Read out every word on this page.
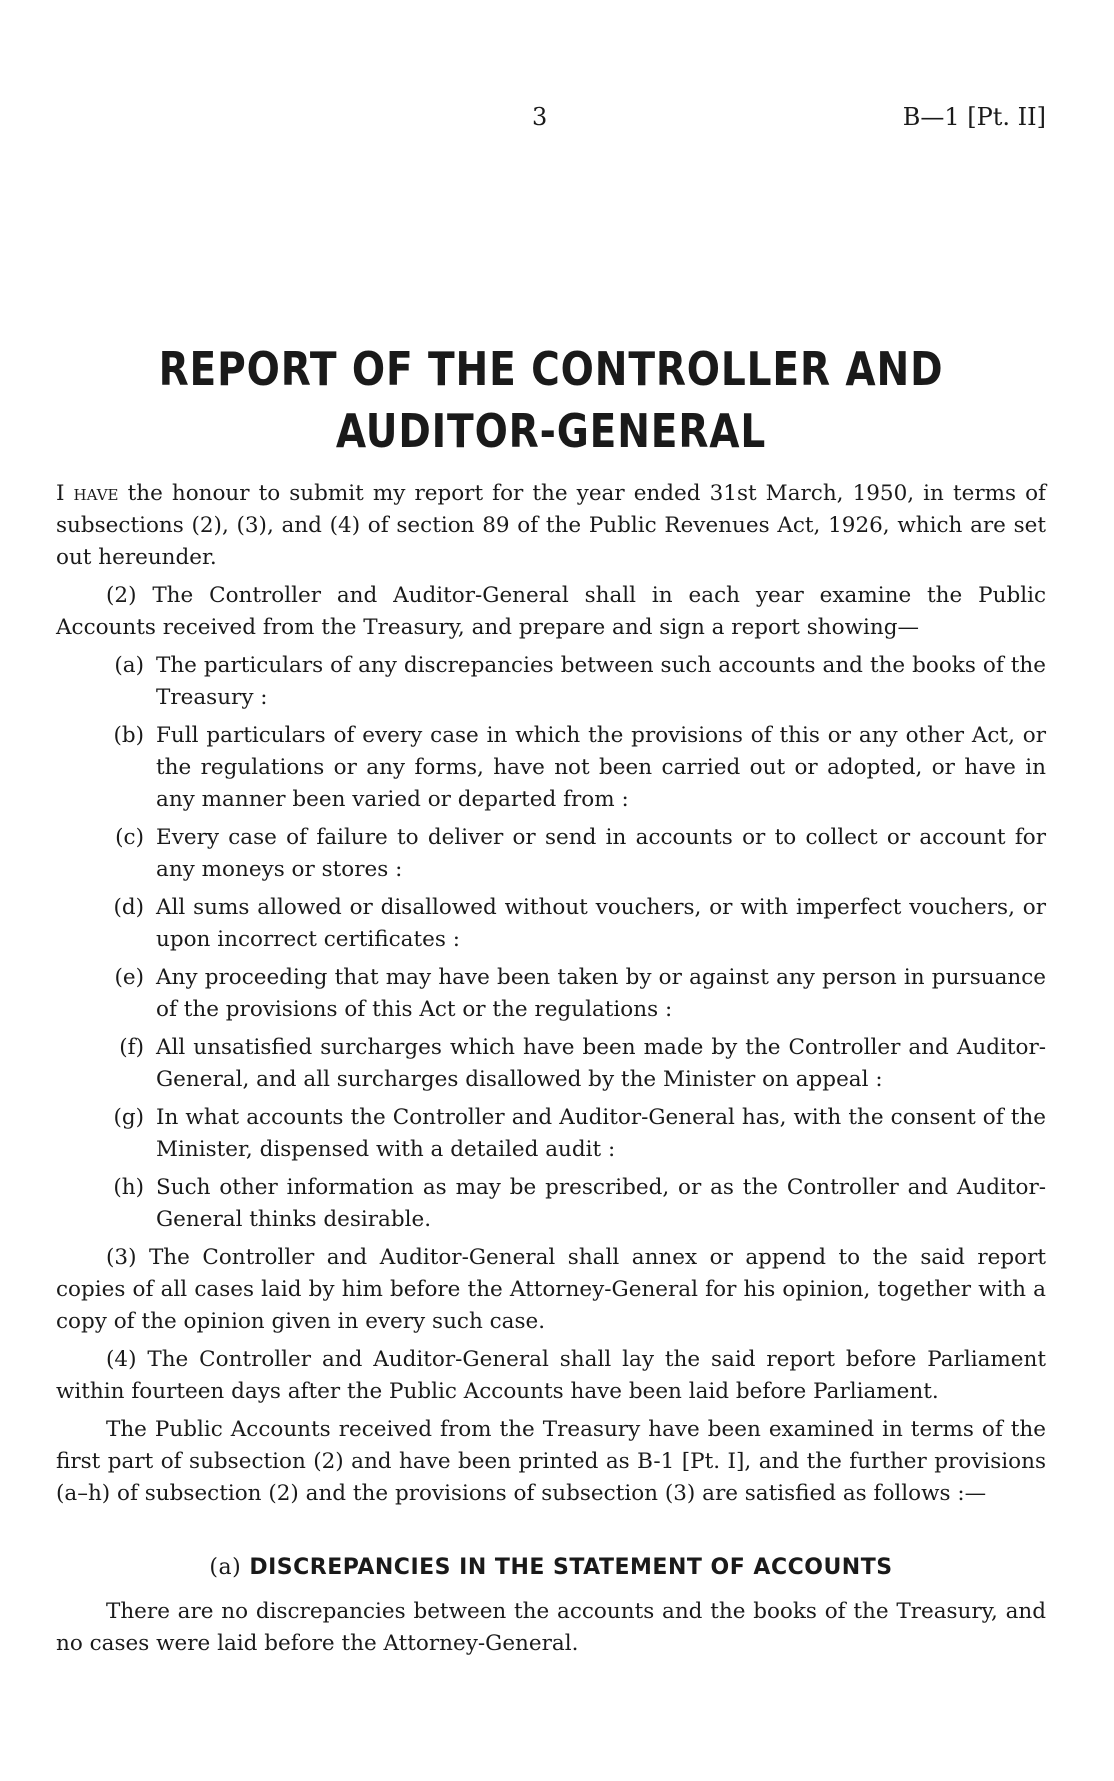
3	B—1 [Pt. II]
REPORT OF THE CONTROLLER AND
AUDITOR-GENERAL

I have the honour to submit my report for the year ended 31st March, 1950, in terms of subsections (2), (3), and (4) of section 89 of the Public Revenues Act, 1926, which are set out hereunder.

(2) The Controller and Auditor-General shall in each year examine the Public Accounts received from the Treasury, and prepare and sign a report showing—

(a) The particulars of any discrepancies between such accounts and the books of the Treasury :
(b) Full particulars of every case in which the provisions of this or any other Act, or the regulations or any forms, have not been carried out or adopted, or have in any manner been varied or departed from :
(c) Every case of failure to deliver or send in accounts or to collect or account for any moneys or stores :
(d) All sums allowed or disallowed without vouchers, or with imperfect vouchers, or upon incorrect certificates :
(e) Any proceeding that may have been taken by or against any person in pursuance of the provisions of this Act or the regulations :
(f) All unsatisfied surcharges which have been made by the Controller and Auditor-General, and all surcharges disallowed by the Minister on appeal :
(g) In what accounts the Controller and Auditor-General has, with the consent of the Minister, dispensed with a detailed audit :
(h) Such other information as may be prescribed, or as the Controller and Auditor-General thinks desirable.

(3) The Controller and Auditor-General shall annex or append to the said report copies of all cases laid by him before the Attorney-General for his opinion, together with a copy of the opinion given in every such case.

(4) The Controller and Auditor-General shall lay the said report before Parliament within fourteen days after the Public Accounts have been laid before Parliament.

The Public Accounts received from the Treasury have been examined in terms of the first part of subsection (2) and have been printed as B-1 [Pt. I], and the further provisions (a–h) of subsection (2) and the provisions of subsection (3) are satisfied as follows :—

(a) DISCREPANCIES IN THE STATEMENT OF ACCOUNTS

There are no discrepancies between the accounts and the books of the Treasury, and no cases were laid before the Attorney-General.
